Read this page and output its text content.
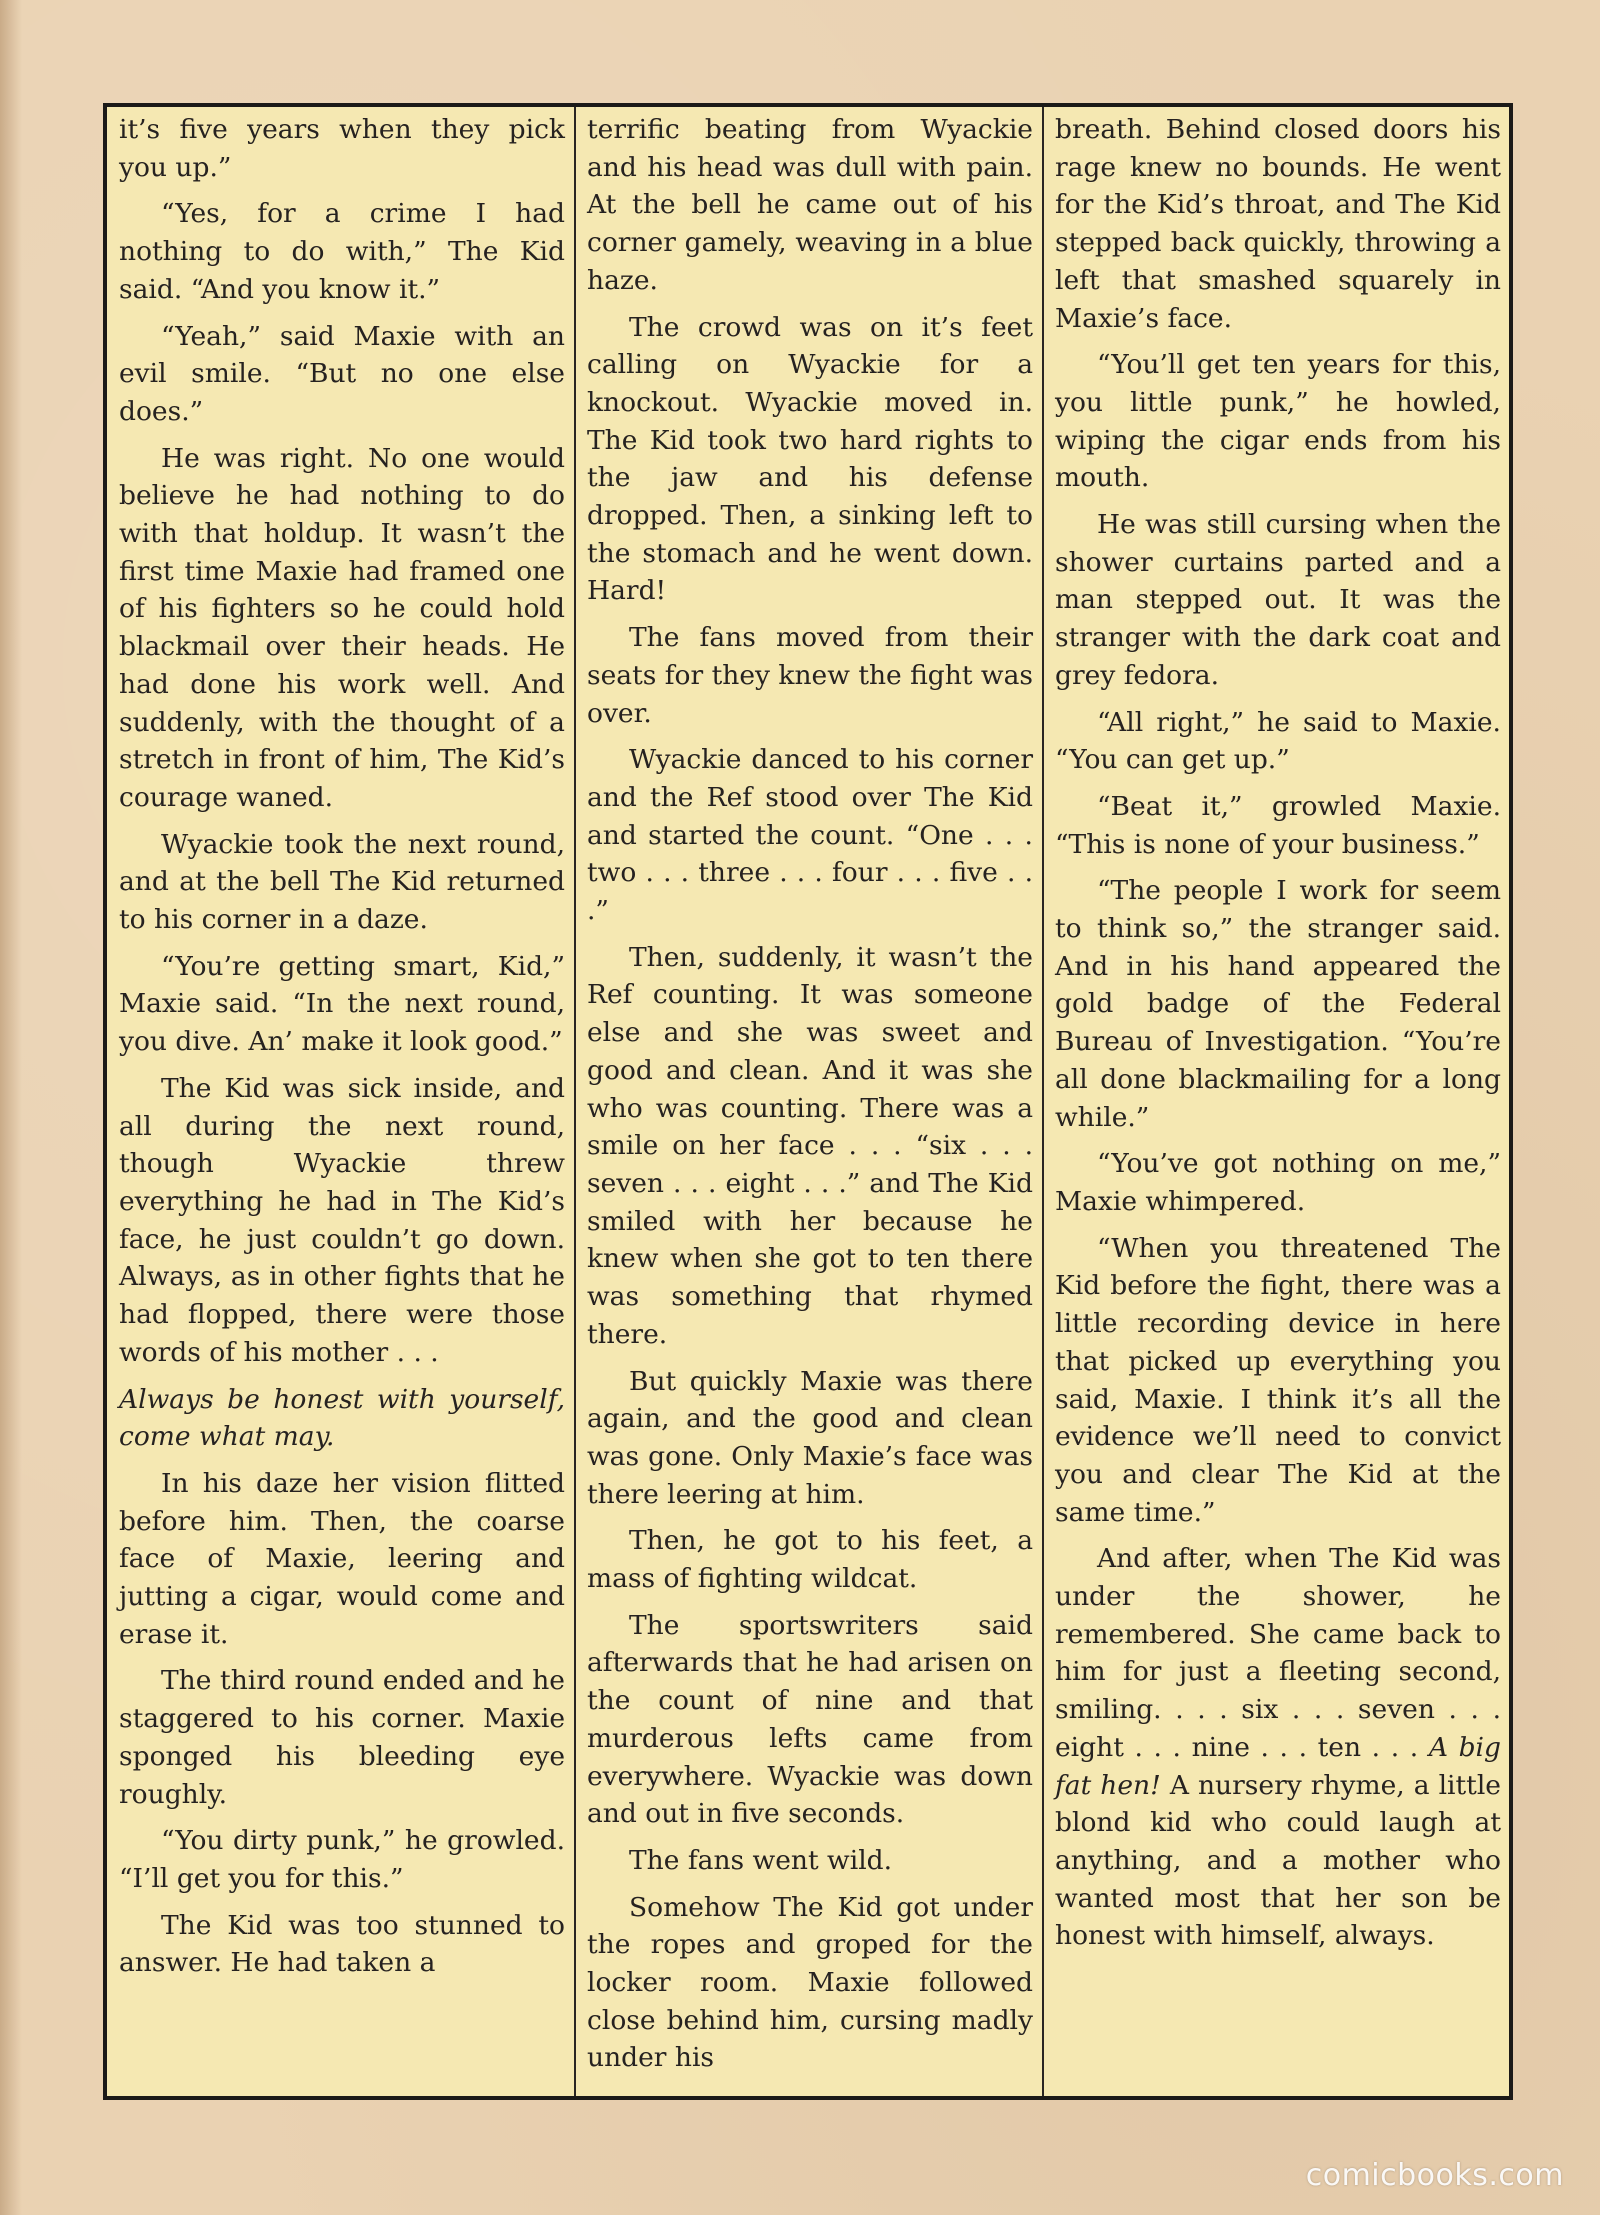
it’s five years when they pick you up.”

“Yes, for a crime I had nothing to do with,” The Kid said. “And you know it.”

“Yeah,” said Maxie with an evil smile. “But no one else does.”

He was right. No one would believe he had nothing to do with that holdup. It wasn’t the first time Maxie had framed one of his fighters so he could hold blackmail over their heads. He had done his work well. And suddenly, with the thought of a stretch in front of him, The Kid’s courage waned.

Wyackie took the next round, and at the bell The Kid returned to his corner in a daze.

“You’re getting smart, Kid,” Maxie said. “In the next round, you dive. An’ make it look good.”

The Kid was sick inside, and all during the next round, though Wyackie threw everything he had in The Kid’s face, he just couldn’t go down. Always, as in other fights that he had flopped, there were those words of his mother . . .

Always be honest with yourself, come what may.

In his daze her vision flitted before him. Then, the coarse face of Maxie, leering and jutting a cigar, would come and erase it.

The third round ended and he staggered to his corner. Maxie sponged his bleeding eye roughly.

“You dirty punk,” he growled. “I’ll get you for this.”

The Kid was too stunned to answer. He had taken a

terrific beating from Wyackie and his head was dull with pain. At the bell he came out of his corner gamely, weaving in a blue haze.

The crowd was on it’s feet calling on Wyackie for a knockout. Wyackie moved in. The Kid took two hard rights to the jaw and his defense dropped. Then, a sinking left to the stomach and he went down. Hard!

The fans moved from their seats for they knew the fight was over.

Wyackie danced to his corner and the Ref stood over The Kid and started the count. “One . . . two . . . three . . . four . . . five . . .”

Then, suddenly, it wasn’t the Ref counting. It was someone else and she was sweet and good and clean. And it was she who was counting. There was a smile on her face . . . “six . . . seven . . . eight . . .” and The Kid smiled with her because he knew when she got to ten there was something that rhymed there.

But quickly Maxie was there again, and the good and clean was gone. Only Maxie’s face was there leering at him.

Then, he got to his feet, a mass of fighting wildcat.

The sportswriters said afterwards that he had arisen on the count of nine and that murderous lefts came from everywhere. Wyackie was down and out in five seconds.

The fans went wild.

Somehow The Kid got under the ropes and groped for the locker room. Maxie followed close behind him, cursing madly under his

breath. Behind closed doors his rage knew no bounds. He went for the Kid’s throat, and The Kid stepped back quickly, throwing a left that smashed squarely in Maxie’s face.

“You’ll get ten years for this, you little punk,” he howled, wiping the cigar ends from his mouth.

He was still cursing when the shower curtains parted and a man stepped out. It was the stranger with the dark coat and grey fedora.

“All right,” he said to Maxie. “You can get up.”

“Beat it,” growled Maxie. “This is none of your business.”

“The people I work for seem to think so,” the stranger said. And in his hand appeared the gold badge of the Federal Bureau of Investigation. “You’re all done blackmailing for a long while.”

“You’ve got nothing on me,” Maxie whimpered.

“When you threatened The Kid before the fight, there was a little recording device in here that picked up everything you said, Maxie. I think it’s all the evidence we’ll need to convict you and clear The Kid at the same time.”

And after, when The Kid was under the shower, he remembered. She came back to him for just a fleeting second, smiling. . . . six . . . seven . . . eight . . . nine . . . ten . . . A big fat hen! A nursery rhyme, a little blond kid who could laugh at anything, and a mother who wanted most that her son be honest with himself, always.

comicbooks.com
